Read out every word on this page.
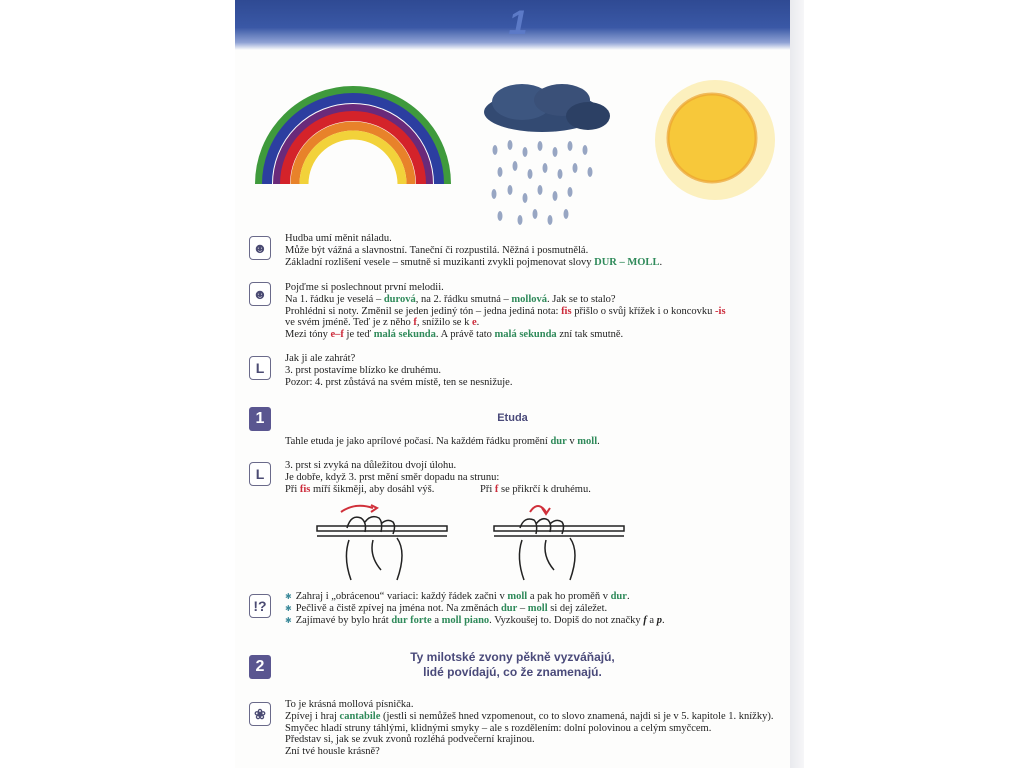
1
☻

Hudba umí měnit náladu.

Může být vážná a slavnostní. Taneční či rozpustilá. Něžná i posmutnělá.

Základní rozlišení vesele – smutně si muzikanti zvykli pojmenovat slovy DUR – MOLL.

☻	Pojďme si poslechnout první melodii.

Na 1. řádku je veselá – durová, na 2. řádku smutná – mollová. Jak se to stalo?

Prohlédni si noty. Změnil se jeden jediný tón – jedna jediná nota: fis přišlo o svůj křížek i o koncovku -is

ve svém jméně. Teď je z něho f, snížilo se k e.

Mezi tóny e–f je teď malá sekunda. A právě tato malá sekunda zní tak smutně.

L

Jak ji ale zahrát?

3. prst postavíme blízko ke druhému.

Pozor: 4. prst zůstává na svém místě, ten se nesnižuje.

1	Etuda

Tahle etuda je jako aprílové počasí. Na každém řádku promění dur v moll.

L

3. prst si zvyká na důležitou dvojí úlohu.

Je dobře, když 3. prst mění směr dopadu na strunu:

Při fis míří šikměji, aby dosáhl výš.	Při f se přikrčí k druhému.
!?

✱ Zahraj i „obrácenou“ variaci: každý řádek začni v moll a pak ho proměň v dur.

✱ Pečlivě a čistě zpívej na jména not. Na změnách dur – moll si dej záležet.

✱ Zajímavé by bylo hrát dur forte a moll piano. Vyzkoušej to. Dopiš do not značky f a p.

2
Ty milotské zvony pěkně vyzváňajú,
lidé povídajú, co že znamenajú.
❀

To je krásná mollová písnička.

Zpívej i hraj cantabile (jestli si nemůžeš hned vzpomenout, co to slovo znamená, najdi si je v 5. kapitole 1. knížky).

Smyčec hladí struny táhlými, klidnými smyky – ale s rozdělením: dolní polovinou a celým smyčcem.

Představ si, jak se zvuk zvonů rozléhá podvečerní krajinou.

Zní tvé housle krásně?
